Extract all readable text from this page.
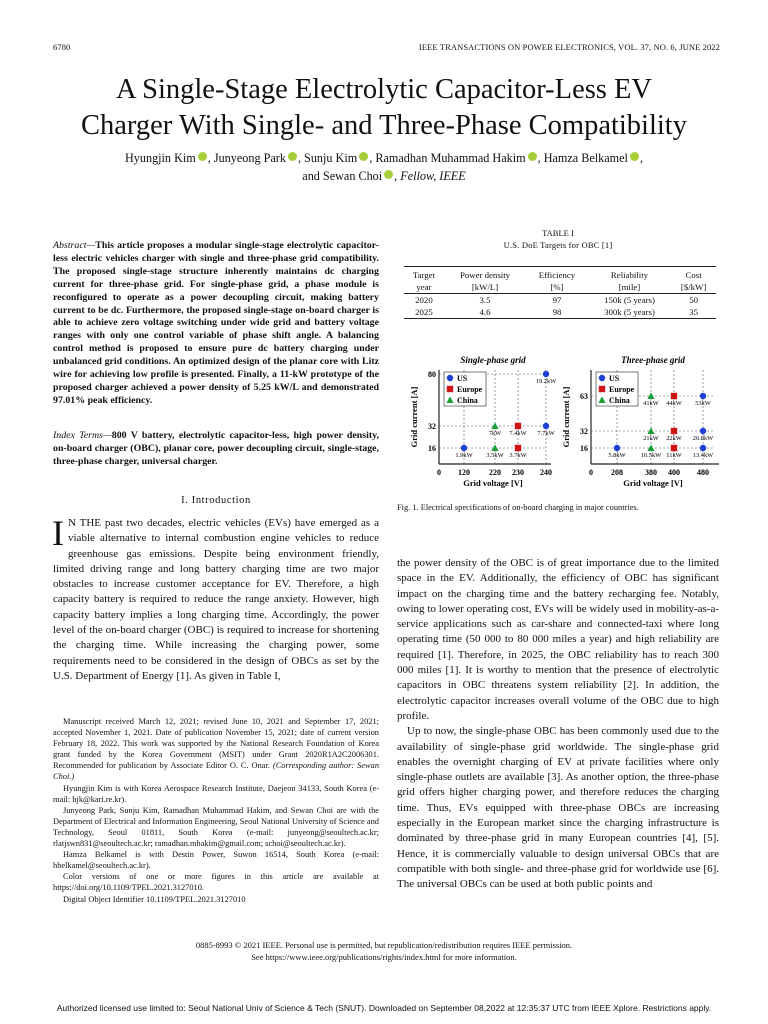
6780	IEEE TRANSACTIONS ON POWER ELECTRONICS, VOL. 37, NO. 6, JUNE 2022
A Single-Stage Electrolytic Capacitor-Less EV
Charger With Single- and Three-Phase Compatibility
Hyungjin Kim , Junyeong Park , Sunju Kim , Ramadhan Muhammad Hakim , Hamza Belkamel ,
and Sewan Choi , Fellow, IEEE
Abstract—This article proposes a modular single-stage electrolytic capacitor-less electric vehicles charger with single and three-phase grid compatibility. The proposed single-stage structure inherently maintains dc charging current for three-phase grid. For single-phase grid, a phase module is reconfigured to operate as a power decoupling circuit, making battery current to be dc. Furthermore, the proposed single-stage on-board charger is able to achieve zero voltage switching under wide grid and battery voltage ranges with only one control variable of phase shift angle. A balancing control method is proposed to ensure pure dc battery charging under unbalanced grid conditions. An optimized design of the planar core with Litz wire for achieving low profile is presented. Finally, a 11-kW prototype of the proposed charger achieved a power density of 5.25 kW/L and demonstrated 97.01% peak efficiency.
Index Terms—800 V battery, electrolytic capacitor-less, high power density, on-board charger (OBC), planar core, power decoupling circuit, single-stage, three-phase charger, universal charger.
I. Introduction
I N THE past two decades, electric vehicles (EVs) have emerged as a viable alternative to internal combustion engine vehicles to reduce greenhouse gas emissions. Despite being environment friendly, limited driving range and long battery charging time are two major obstacles to increase customer acceptance for EV. Therefore, a high capacity battery is required to reduce the range anxiety. However, high capacity battery implies a long charging time. Accordingly, the power level of the on-board charger (OBC) is required to increase for shortening the charging time. While increasing the charging power, some requirements need to be considered in the design of OBCs as set by the U.S. Department of Energy [1]. As given in Table I,

Manuscript received March 12, 2021; revised June 10, 2021 and September 17, 2021; accepted November 1, 2021. Date of publication November 15, 2021; date of current version February 18, 2022. This work was supported by the National Research Foundation of Korea grant funded by the Korea Government (MSIT) under Grant 2020R1A2C2006301. Recommended for publication by Associate Editor O. C. Onar. (Corresponding author: Sewan Choi.)

Hyungjin Kim is with Korea Aerospace Research Institute, Daejeon 34133, South Korea (e-mail: hjk@kari.re.kr).

Junyeong Park, Sunju Kim, Ramadhan Muhammad Hakim, and Sewan Choi are with the Department of Electrical and Information Engineering, Seoul National University of Science and Technology, Seoul 01811, South Korea (e-mail: junyeong@seoultech.ac.kr; rlatjswn831@seoultech.ac.kr; ramadhan.mhakim@gmail.com; schoi@seoultech.ac.kr).

Hamza Belkamel is with Destin Power, Suwon 16514, South Korea (e-mail: hbelkamel@seoultech.ac.kr).

Color versions of one or more figures in this article are available at https://doi.org/10.1109/TPEL.2021.3127010.

Digital Object Identifier 10.1109/TPEL.2021.3127010

TABLE I
U.S. DoE Targets for OBC [1]
Target	Power density	Efficiency	Reliability	Cost
year	[kW/L]	[%]	[mile]	[$/kW]
2020	3.5	97	150k (5 years)	50
2025	4.6	98	300k (5 years)	35
Single-phase grid
16
32
80
0 120 220 230 240
Grid voltage [V]
Grid current [A]
US
Europe
China
1.9kW
7.7kW
19.2kW
7.4kW
3.7kW
7kW
3.5kW
Three-phase grid
16
32
63
0 208	380 400 480
Grid voltage [V]
Grid current [A]
US
Europe
China
5.8kW	13.4kW
26.8kW
53kW
11kW
22kW
44kW
10.5kW
21kW
41kW
Fig. 1. Electrical specifications of on-board charging in major countries.

the power density of the OBC is of great importance due to the limited space in the EV. Additionally, the efficiency of OBC has significant impact on the charging time and the battery recharging fee. Notably, owing to lower operating cost, EVs will be widely used in mobility-as-a-service applications such as car-share and connected-taxi where long operating time (50 000 to 80 000 miles a year) and high reliability are required [1]. Therefore, in 2025, the OBC reliability has to reach 300 000 miles [1]. It is worthy to mention that the presence of electrolytic capacitors in OBC threatens system reliability [2]. In addition, the electrolytic capacitor increases overall volume of the OBC due to high profile.

Up to now, the single-phase OBC has been commonly used due to the availability of single-phase grid worldwide. The single-phase grid enables the overnight charging of EV at private facilities where only single-phase outlets are available [3]. As another option, the three-phase grid offers higher charging power, and therefore reduces the charging time. Thus, EVs equipped with three-phase OBCs are increasing especially in the European market since the charging infrastructure is dominated by three-phase grid in many European countries [4], [5]. Hence, it is commercially valuable to design universal OBCs that are compatible with both single- and three-phase grid for worldwide use [6]. The universal OBCs can be used at both public points and

0885-8993 © 2021 IEEE. Personal use is permitted, but republication/redistribution requires IEEE permission.
See https://www.ieee.org/publications/rights/index.html for more information.
Authorized licensed use limited to: Seoul National Univ of Science & Tech (SNUT). Downloaded on September 08,2022 at 12:35:37 UTC from IEEE Xplore. Restrictions apply.
